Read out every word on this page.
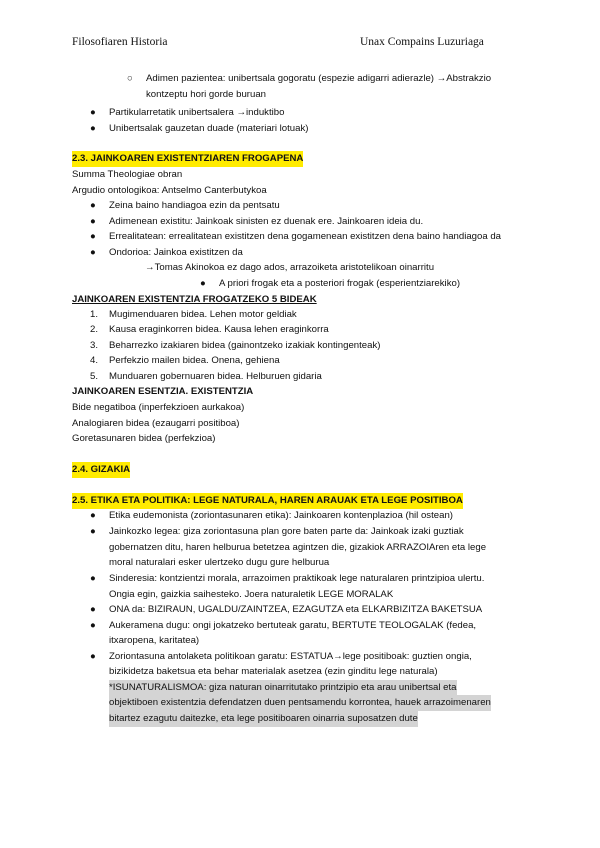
Filosofiaren Historia	Unax Compains Luzuriaga
○ Adimen pazientea: unibertsala gogoratu (espezie adigarri adierazle) →Abstrakzio
kontzeptu hori gorde buruan
● Partikularretatik unibertsalera →induktibo
● Unibertsalak gauzetan duade (materiari lotuak)
2.3. JAINKOAREN EXISTENTZIAREN FROGAPENA
Summa Theologiae obran
Argudio ontologikoa: Antselmo Canterbutykoa
● Zeina baino handiagoa ezin da pentsatu
● Adimenean existitu: Jainkoak sinisten ez duenak ere. Jainkoaren ideia du.
● Errealitatean: errealitatean existitzen dena gogamenean existitzen dena baino handiagoa da
● Ondorioa: Jainkoa existitzen da
→Tomas Akinokoa ez dago ados, arrazoiketa aristotelikoan oinarritu
● A priori frogak eta a posteriori frogak (esperientziarekiko)
JAINKOAREN EXISTENTZIA FROGATZEKO 5 BIDEAK
1. Mugimenduaren bidea. Lehen motor geldiak
2. Kausa eraginkorren bidea. Kausa lehen eraginkorra
3. Beharrezko izakiaren bidea (gainontzeko izakiak kontingenteak)
4. Perfekzio mailen bidea. Onena, gehiena
5. Munduaren gobernuaren bidea. Helburuen gidaria
JAINKOAREN ESENTZIA. EXISTENTZIA
Bide negatiboa (inperfekzioen aurkakoa)
Analogiaren bidea (ezaugarri positiboa)
Goretasunaren bidea (perfekzioa)
2.4. GIZAKIA
2.5. ETIKA ETA POLITIKA: LEGE NATURALA, HAREN ARAUAK ETA LEGE POSITIBOA
● Etika eudemonista (zoriontasunaren etika): Jainkoaren kontenplazioa (hil ostean)
● Jainkozko legea: giza zoriontasuna plan gore baten parte da: Jainkoak izaki guztiak
gobernatzen ditu, haren helburua betetzea agintzen die, gizakiok ARRAZOIAren eta lege
moral naturalari esker ulertzeko dugu gure helburua
● Sinderesia: kontzientzi morala, arrazoimen praktikoak lege naturalaren printzipioa ulertu.
Ongia egin, gaizkia saihesteko. Joera naturaletik LEGE MORALAK
● ONA da: BIZIRAUN, UGALDU/ZAINTZEA, EZAGUTZA eta ELKARBIZITZA BAKETSUA
● Aukeramena dugu: ongi jokatzeko bertuteak garatu, BERTUTE TEOLOGALAK (fedea,
itxaropena, karitatea)
● Zoriontasuna antolaketa politikoan garatu: ESTATUA→lege positiboak: guztien ongia,
bizikidetza baketsua eta behar materialak asetzea (ezin ginditu lege naturala)
*ISUNATURALISMOA: giza naturan oinarritutako printzipio eta arau unibertsal eta
objektiboen existentzia defendatzen duen pentsamendu korrontea, hauek arrazoimenaren
bitartez ezagutu daitezke, eta lege positiboaren oinarria suposatzen dute
